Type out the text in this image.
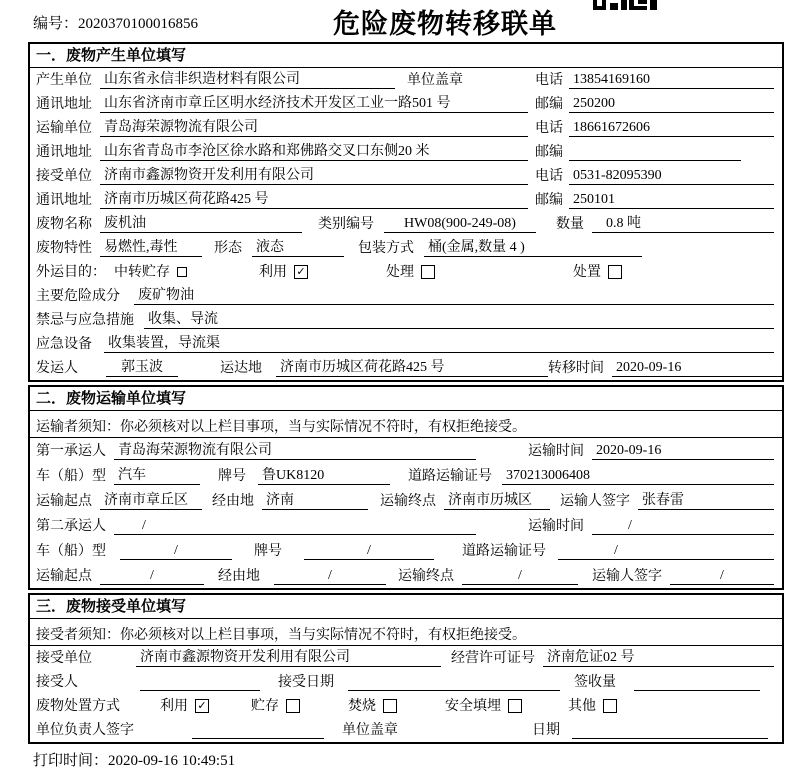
编号：2020370100016856	危险废物转移联单
一．废物产生单位填写
产生单位 山东省永信非织造材料有限公司	单位盖章	电话 13854169160
通讯地址 山东省济南市章丘区明水经济技术开发区工业一路501 号	邮编 250200
运输单位 青岛海荣源物流有限公司	电话 18661672606
通讯地址 山东省青岛市李沧区徐水路和郑佛路交叉口东侧20 米	邮编
接受单位 济南市鑫源物资开发利用有限公司	电话 0531-82095390
通讯地址 济南市历城区荷花路425 号	邮编 250101
废物名称 废机油	类别编号	HW08(900-249-08)	数量	0.8 吨
废物特性 易燃性,毒性	形态 液态	包装方式 桶(金属,数量 4 )
外运目的： 中转贮存	利用 ✓	处理	处置
主要危险成分 废矿物油
禁忌与应急措施 收集、导流
应急设备 收集装置，导流渠
发运人	郭玉波	运达地 济南市历城区荷花路425 号	转移时间 2020-09-16
二．废物运输单位填写
运输者须知：你必须核对以上栏目事项，当与实际情况不符时，有权拒绝接受。
第一承运人 青岛海荣源物流有限公司	运输时间 2020-09-16
车（船）型 汽车	牌号 鲁UK8120	道路运输证号 370213006408
运输起点 济南市章丘区	经由地 济南	运输终点 济南市历城区	运输人签字 张春雷
第二承运人	/	运输时间	/
车（船）型	/	牌号	/	道路运输证号	/
运输起点	/	经由地	/	运输终点	/	运输人签字	/
三．废物接受单位填写
接受者须知：你必须核对以上栏目事项，当与实际情况不符时，有权拒绝接受。
接受单位	济南市鑫源物资开发利用有限公司	经营许可证号 济南危证02 号
接受人	接受日期	签收量
废物处置方式	利用 ✓	贮存	焚烧	安全填埋	其他
单位负责人签字	单位盖章	日期
打印时间：2020-09-16 10:49:51
